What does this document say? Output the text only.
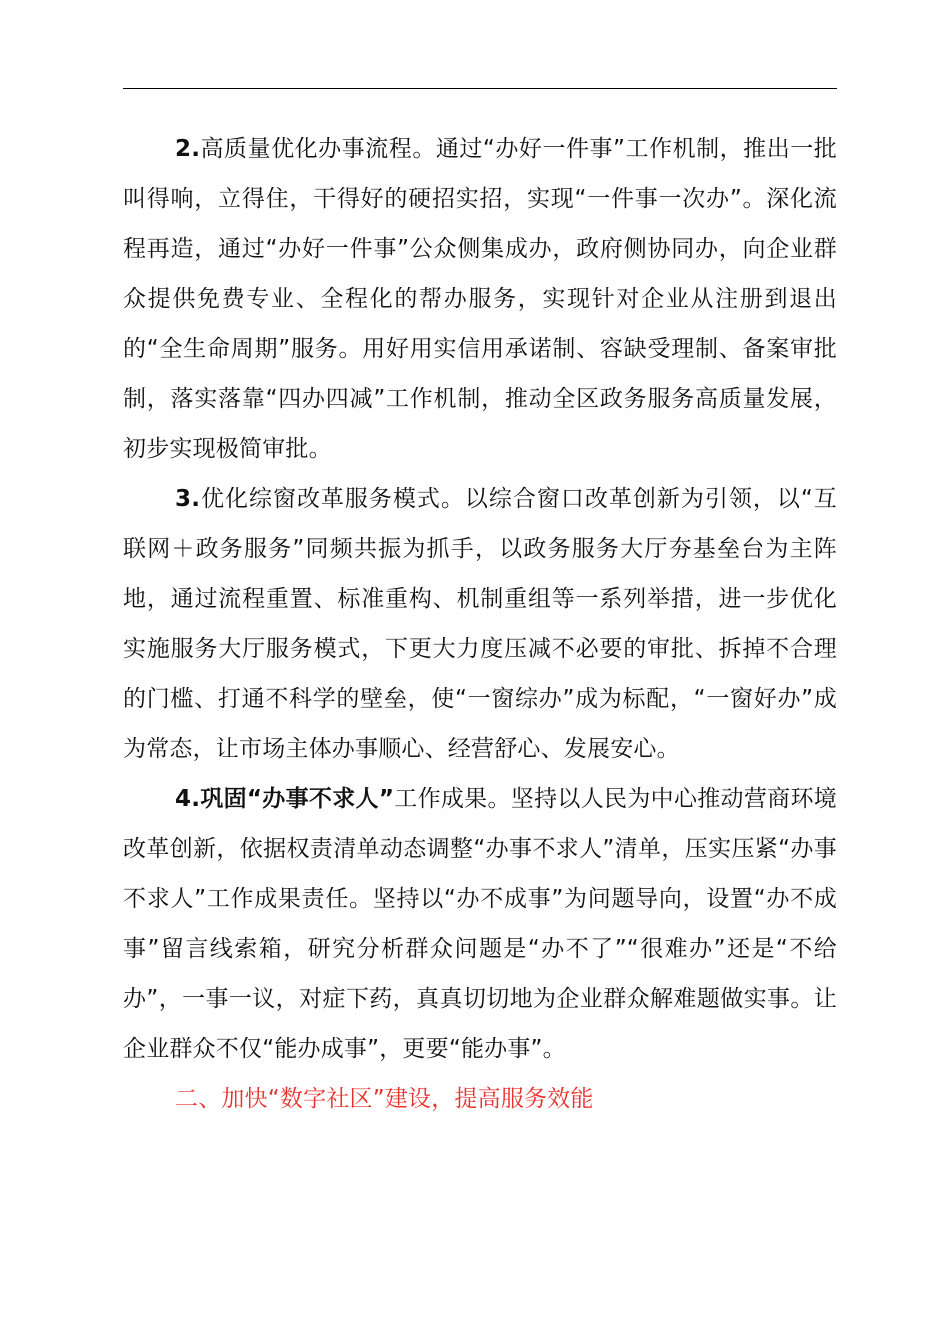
2.高质量优化办事流程。通过“办好一件事”工作机制，推出一批叫得响，立得住，干得好的硬招实招，实现“一件事一次办”。深化流程再造，通过“办好一件事”公众侧集成办，政府侧协同办，向企业群众提供免费专业、全程化的帮办服务，实现针对企业从注册到退出的“全生命周期”服务。用好用实信用承诺制、容缺受理制、备案审批制，落实落靠“四办四减”工作机制，推动全区政务服务高质量发展，初步实现极简审批。

3.优化综窗改革服务模式。以综合窗口改革创新为引领，以“互联网＋政务服务”同频共振为抓手，以政务服务大厅夯基垒台为主阵地，通过流程重置、标准重构、机制重组等一系列举措，进一步优化实施服务大厅服务模式，下更大力度压减不必要的审批、拆掉不合理的门槛、打通不科学的壁垒，使“一窗综办”成为标配，“一窗好办”成为常态，让市场主体办事顺心、经营舒心、发展安心。

4.巩固“办事不求人”工作成果。坚持以人民为中心推动营商环境改革创新，依据权责清单动态调整“办事不求人”清单，压实压紧“办事不求人”工作成果责任。坚持以“办不成事”为问题导向，设置“办不成事”留言线索箱，研究分析群众问题是“办不了”“很难办”还是“不给办”，一事一议，对症下药，真真切切地为企业群众解难题做实事。让企业群众不仅“能办成事”，更要“能办事”。

二、加快“数字社区”建设，提高服务效能
